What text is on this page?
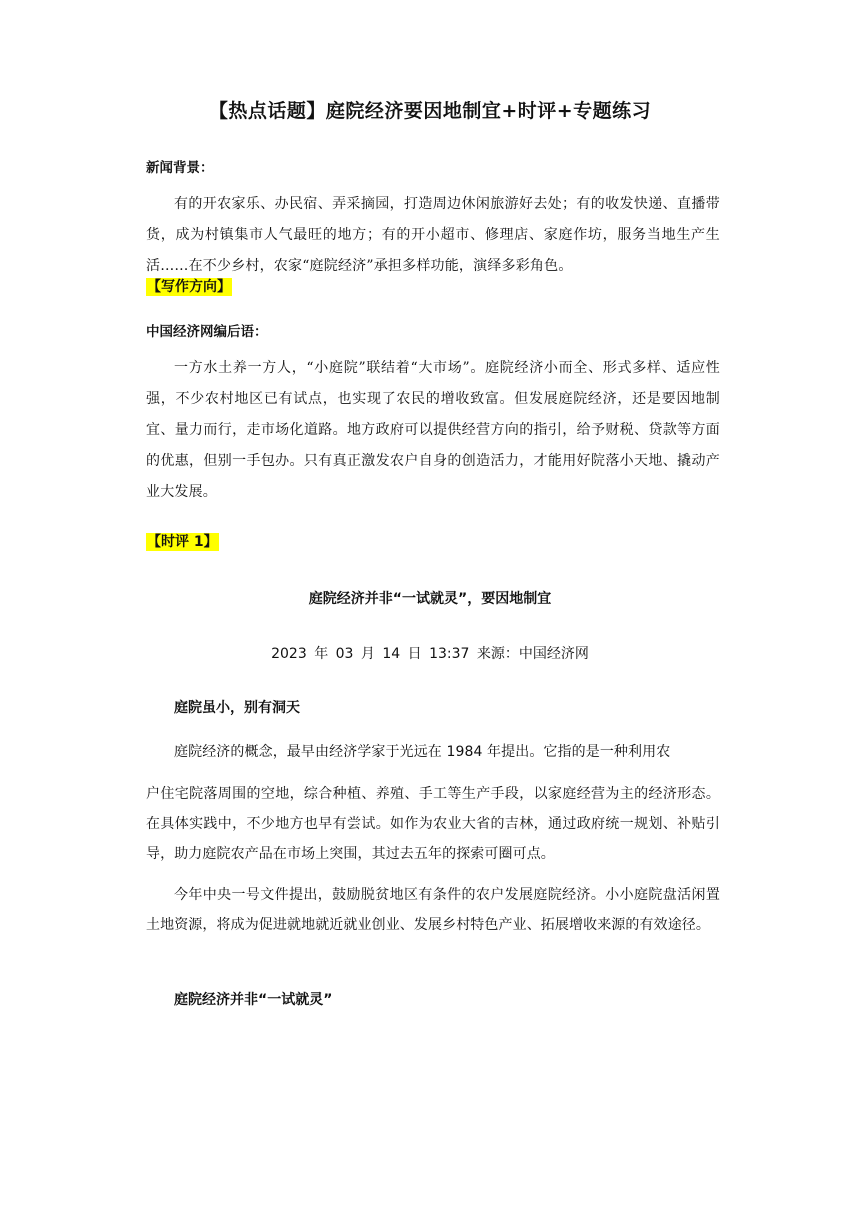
【热点话题】庭院经济要因地制宜+时评+专题练习
新闻背景：

有的开农家乐、办民宿、弄采摘园，打造周边休闲旅游好去处；有的收发快递、直播带货，成为村镇集市人气最旺的地方；有的开小超市、修理店、家庭作坊，服务当地生产生活……在不少乡村，农家“庭院经济”承担多样功能，演绎多彩角色。

【写作方向】
中国经济网编后语：

一方水土养一方人，“小庭院”联结着“大市场”。庭院经济小而全、形式多样、适应性强，不少农村地区已有试点，也实现了农民的增收致富。但发展庭院经济，还是要因地制宜、量力而行，走市场化道路。地方政府可以提供经营方向的指引，给予财税、贷款等方面的优惠，但别一手包办。只有真正激发农户自身的创造活力，才能用好院落小天地、撬动产业大发展。

【时评 1】
庭院经济并非“一试就灵”，要因地制宜
2023 年 03 月 14 日 13:37 来源：中国经济网
庭院虽小，别有洞天

庭院经济的概念，最早由经济学家于光远在 1984 年提出。它指的是一种利用农

户住宅院落周围的空地，综合种植、养殖、手工等生产手段，以家庭经营为主的经济形态。在具体实践中，不少地方也早有尝试。如作为农业大省的吉林，通过政府统一规划、补贴引导，助力庭院农产品在市场上突围，其过去五年的探索可圈可点。

今年中央一号文件提出，鼓励脱贫地区有条件的农户发展庭院经济。小小庭院盘活闲置土地资源，将成为促进就地就近就业创业、发展乡村特色产业、拓展增收来源的有效途径。

庭院经济并非“一试就灵”
